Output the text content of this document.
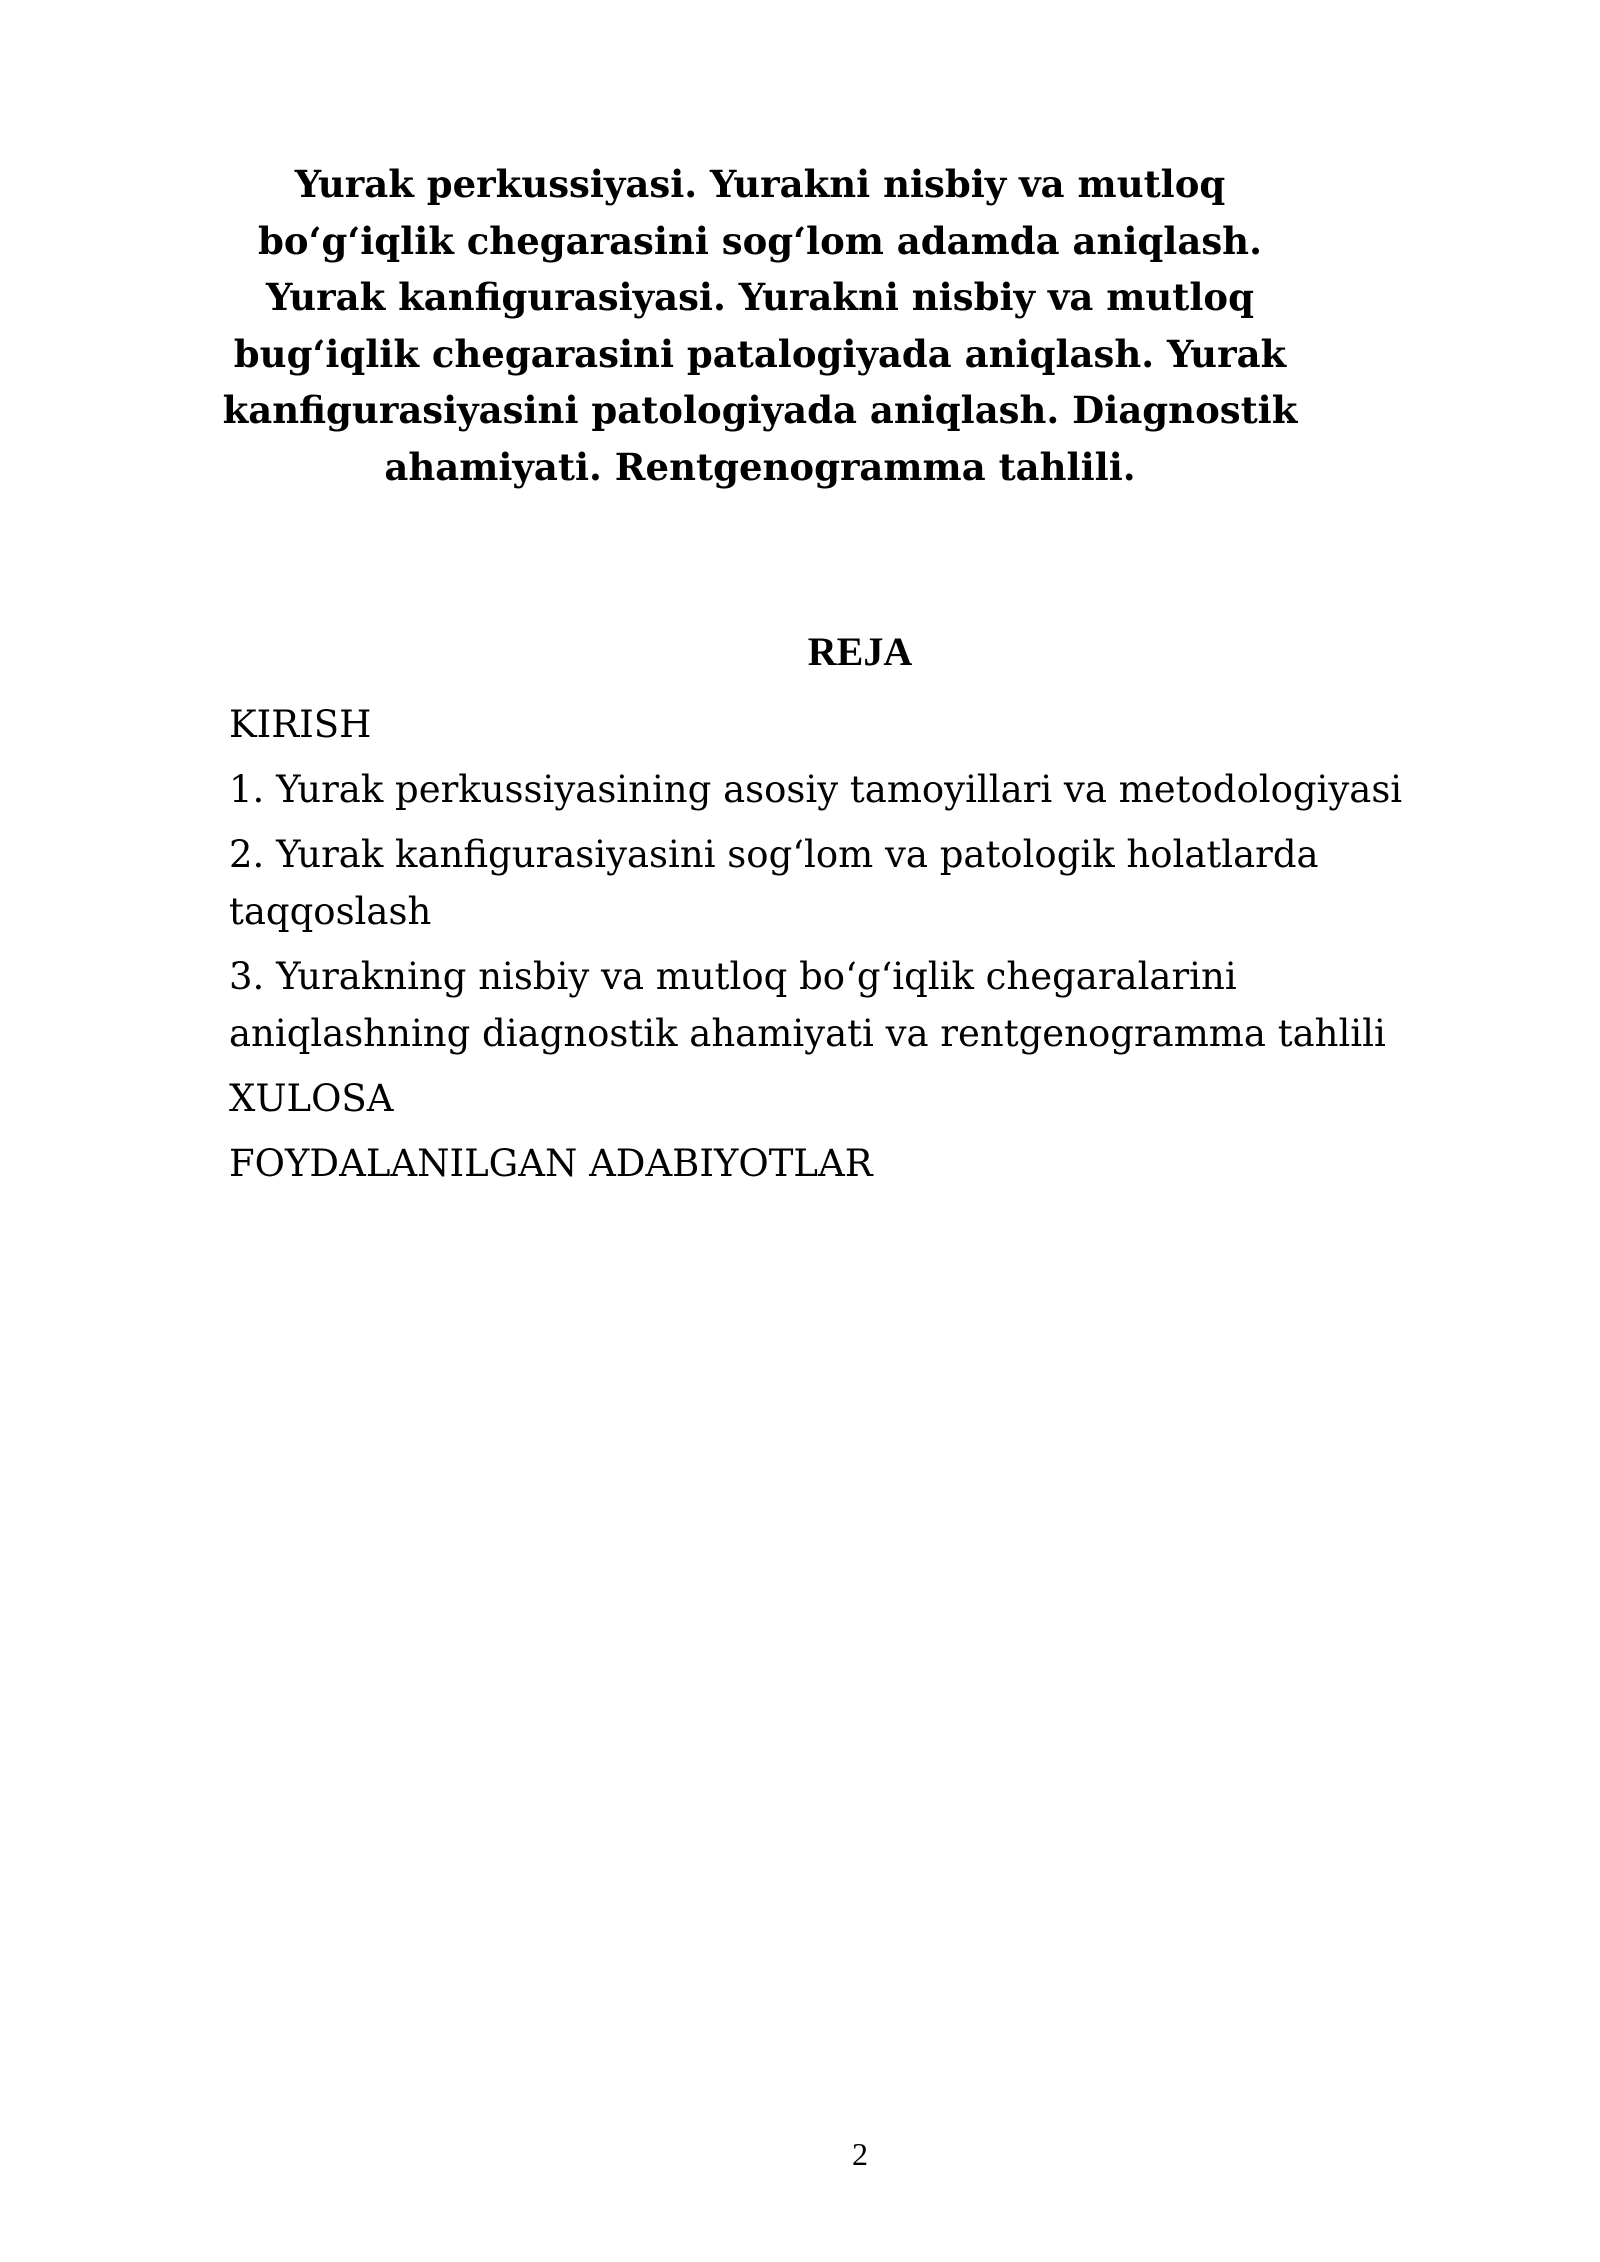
Yurak perkussiyasi. Yurakni nisbiy va mutloq bo‘g‘iqlik chegarasini sog‘lom adamda aniqlash. Yurak kanfigurasiyasi. Yurakni nisbiy va mutloq bug‘iqlik chegarasini patalogiyada aniqlash. Yurak kanfigurasiyasini patologiyada aniqlash. Diagnostik ahamiyati. Rentgenogramma tahlili.
REJA
KIRISH
1. Yurak perkussiyasining asosiy tamoyillari va metodologiyasi
2. Yurak kanfigurasiyasini sog‘lom va patologik holatlarda taqqoslash
3. Yurakning nisbiy va mutloq bo‘g‘iqlik chegaralarini aniqlashning diagnostik ahamiyati va rentgenogramma tahlili
XULOSA
FOYDALANILGAN ADABIYOTLAR
2
